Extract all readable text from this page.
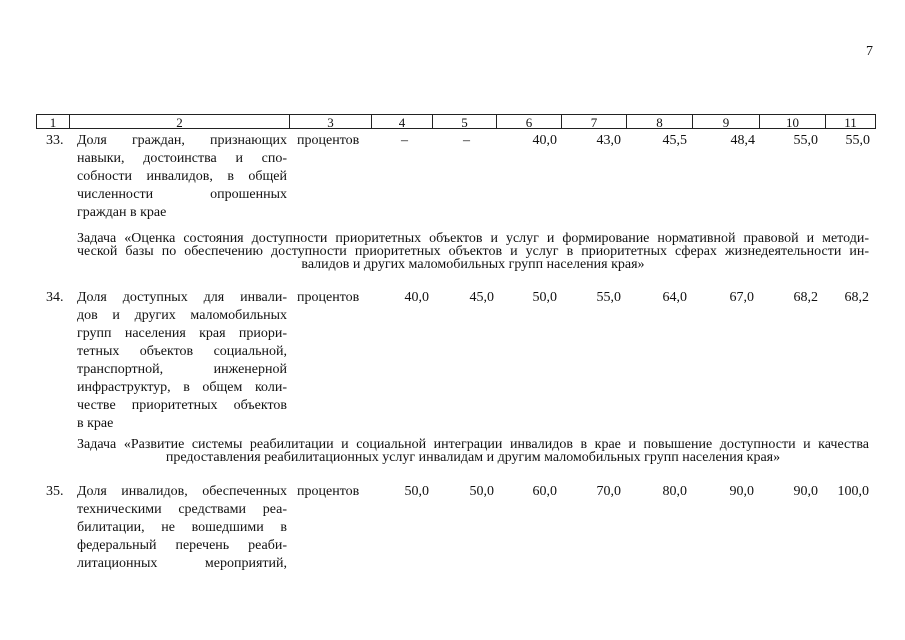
7
1	2	3	4	5	6	7	8	9	10	11
33. Доля граждан, признающих
навыки, достоинства и спо-
собности инвалидов, в общей
численности опрошенных
граждан в крае
процентов	–	–	40,0	43,0	45,5	48,4	55,0	55,0
Задача «Оценка состояния доступности приоритетных объектов и услуг и формирование нормативной правовой и методи-
ческой базы по обеспечению доступности приоритетных объектов и услуг в приоритетных сферах жизнедеятельности ин-
валидов и других маломобильных групп населения края»
34. Доля доступных для инвали-
дов и других маломобильных
групп населения края приори-
тетных объектов социальной,
транспортной, инженерной
инфраструктур, в общем коли-
честве приоритетных объектов
в крае
процентов	40,0	45,0	50,0	55,0	64,0	67,0	68,2	68,2
Задача «Развитие системы реабилитации и социальной интеграции инвалидов в крае и повышение доступности и качества
предоставления реабилитационных услуг инвалидам и другим маломобильных групп населения края»
35. Доля инвалидов, обеспеченных
техническими средствами реа-
билитации, не вошедшими в
федеральный перечень реаби-
литационных мероприятий,
процентов	50,0	50,0	60,0	70,0	80,0	90,0	90,0	100,0
